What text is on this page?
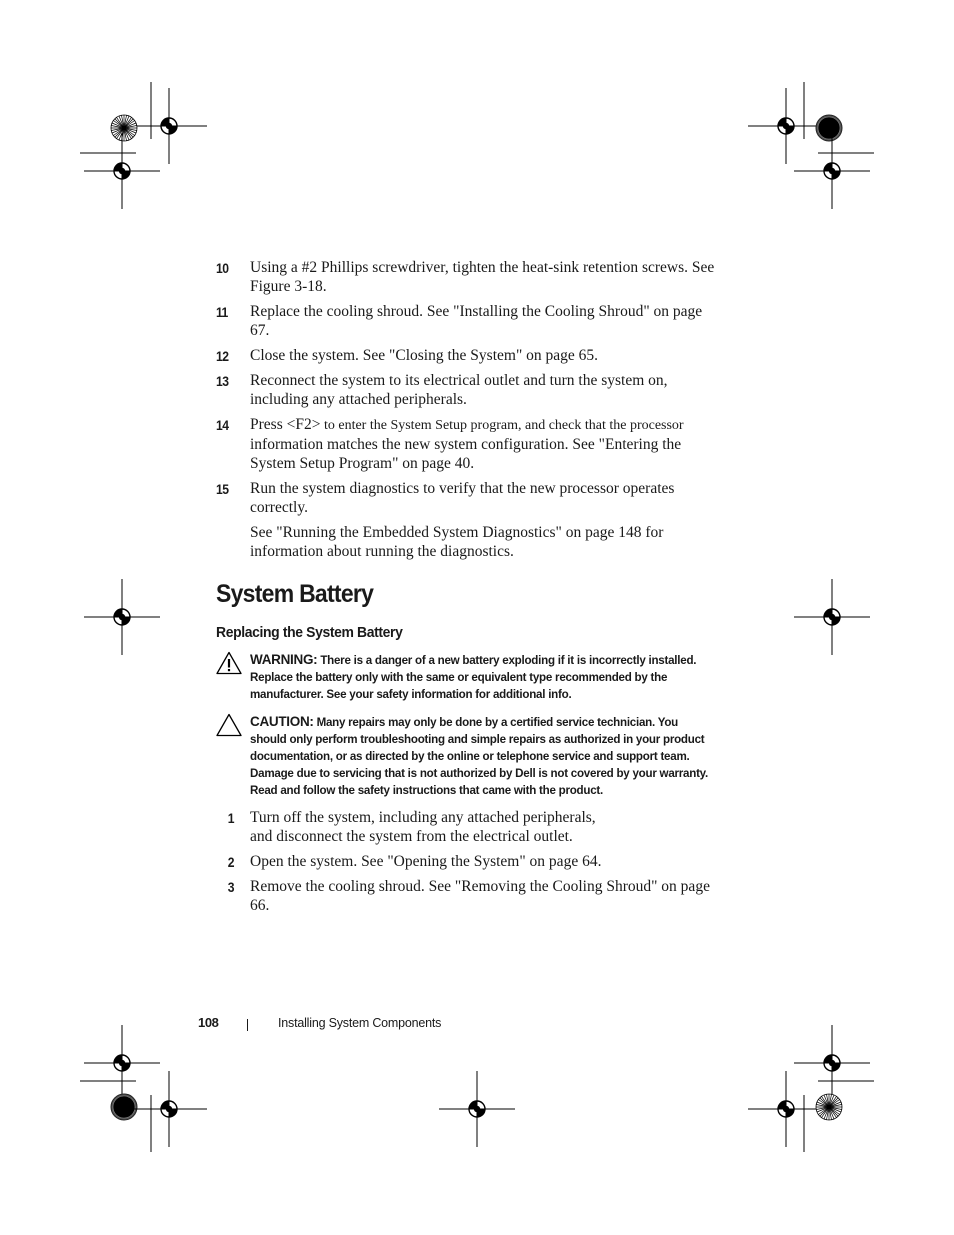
10	Using a #2 Phillips screwdriver, tighten the heat-sink retention screws. See Figure 3-18.
11	Replace the cooling shroud. See "Installing the Cooling Shroud" on page 67.
12	Close the system. See "Closing the System" on page 65.
13	Reconnect the system to its electrical outlet and turn the system on, including any attached peripherals.
14	Press <F2> to enter the System Setup program, and check that the processor information matches the new system configuration. See "Entering the System Setup Program" on page 40.
15	Run the system diagnostics to verify that the new processor operates correctly.
See "Running the Embedded System Diagnostics" on page 148 for information about running the diagnostics.
System Battery
Replacing the System Battery
WARNING: There is a danger of a new battery exploding if it is incorrectly installed. Replace the battery only with the same or equivalent type recommended by the manufacturer. See your safety information for additional info.
CAUTION: Many repairs may only be done by a certified service technician. You should only perform troubleshooting and simple repairs as authorized in your product documentation, or as directed by the online or telephone service and support team. Damage due to servicing that is not authorized by Dell is not covered by your warranty. Read and follow the safety instructions that came with the product.
1 Turn off the system, including any attached peripherals,
and disconnect the system from the electrical outlet.
2 Open the system. See "Opening the System" on page 64.
3 Remove the cooling shroud. See "Removing the Cooling Shroud" on page 66.
108	Installing System Components
